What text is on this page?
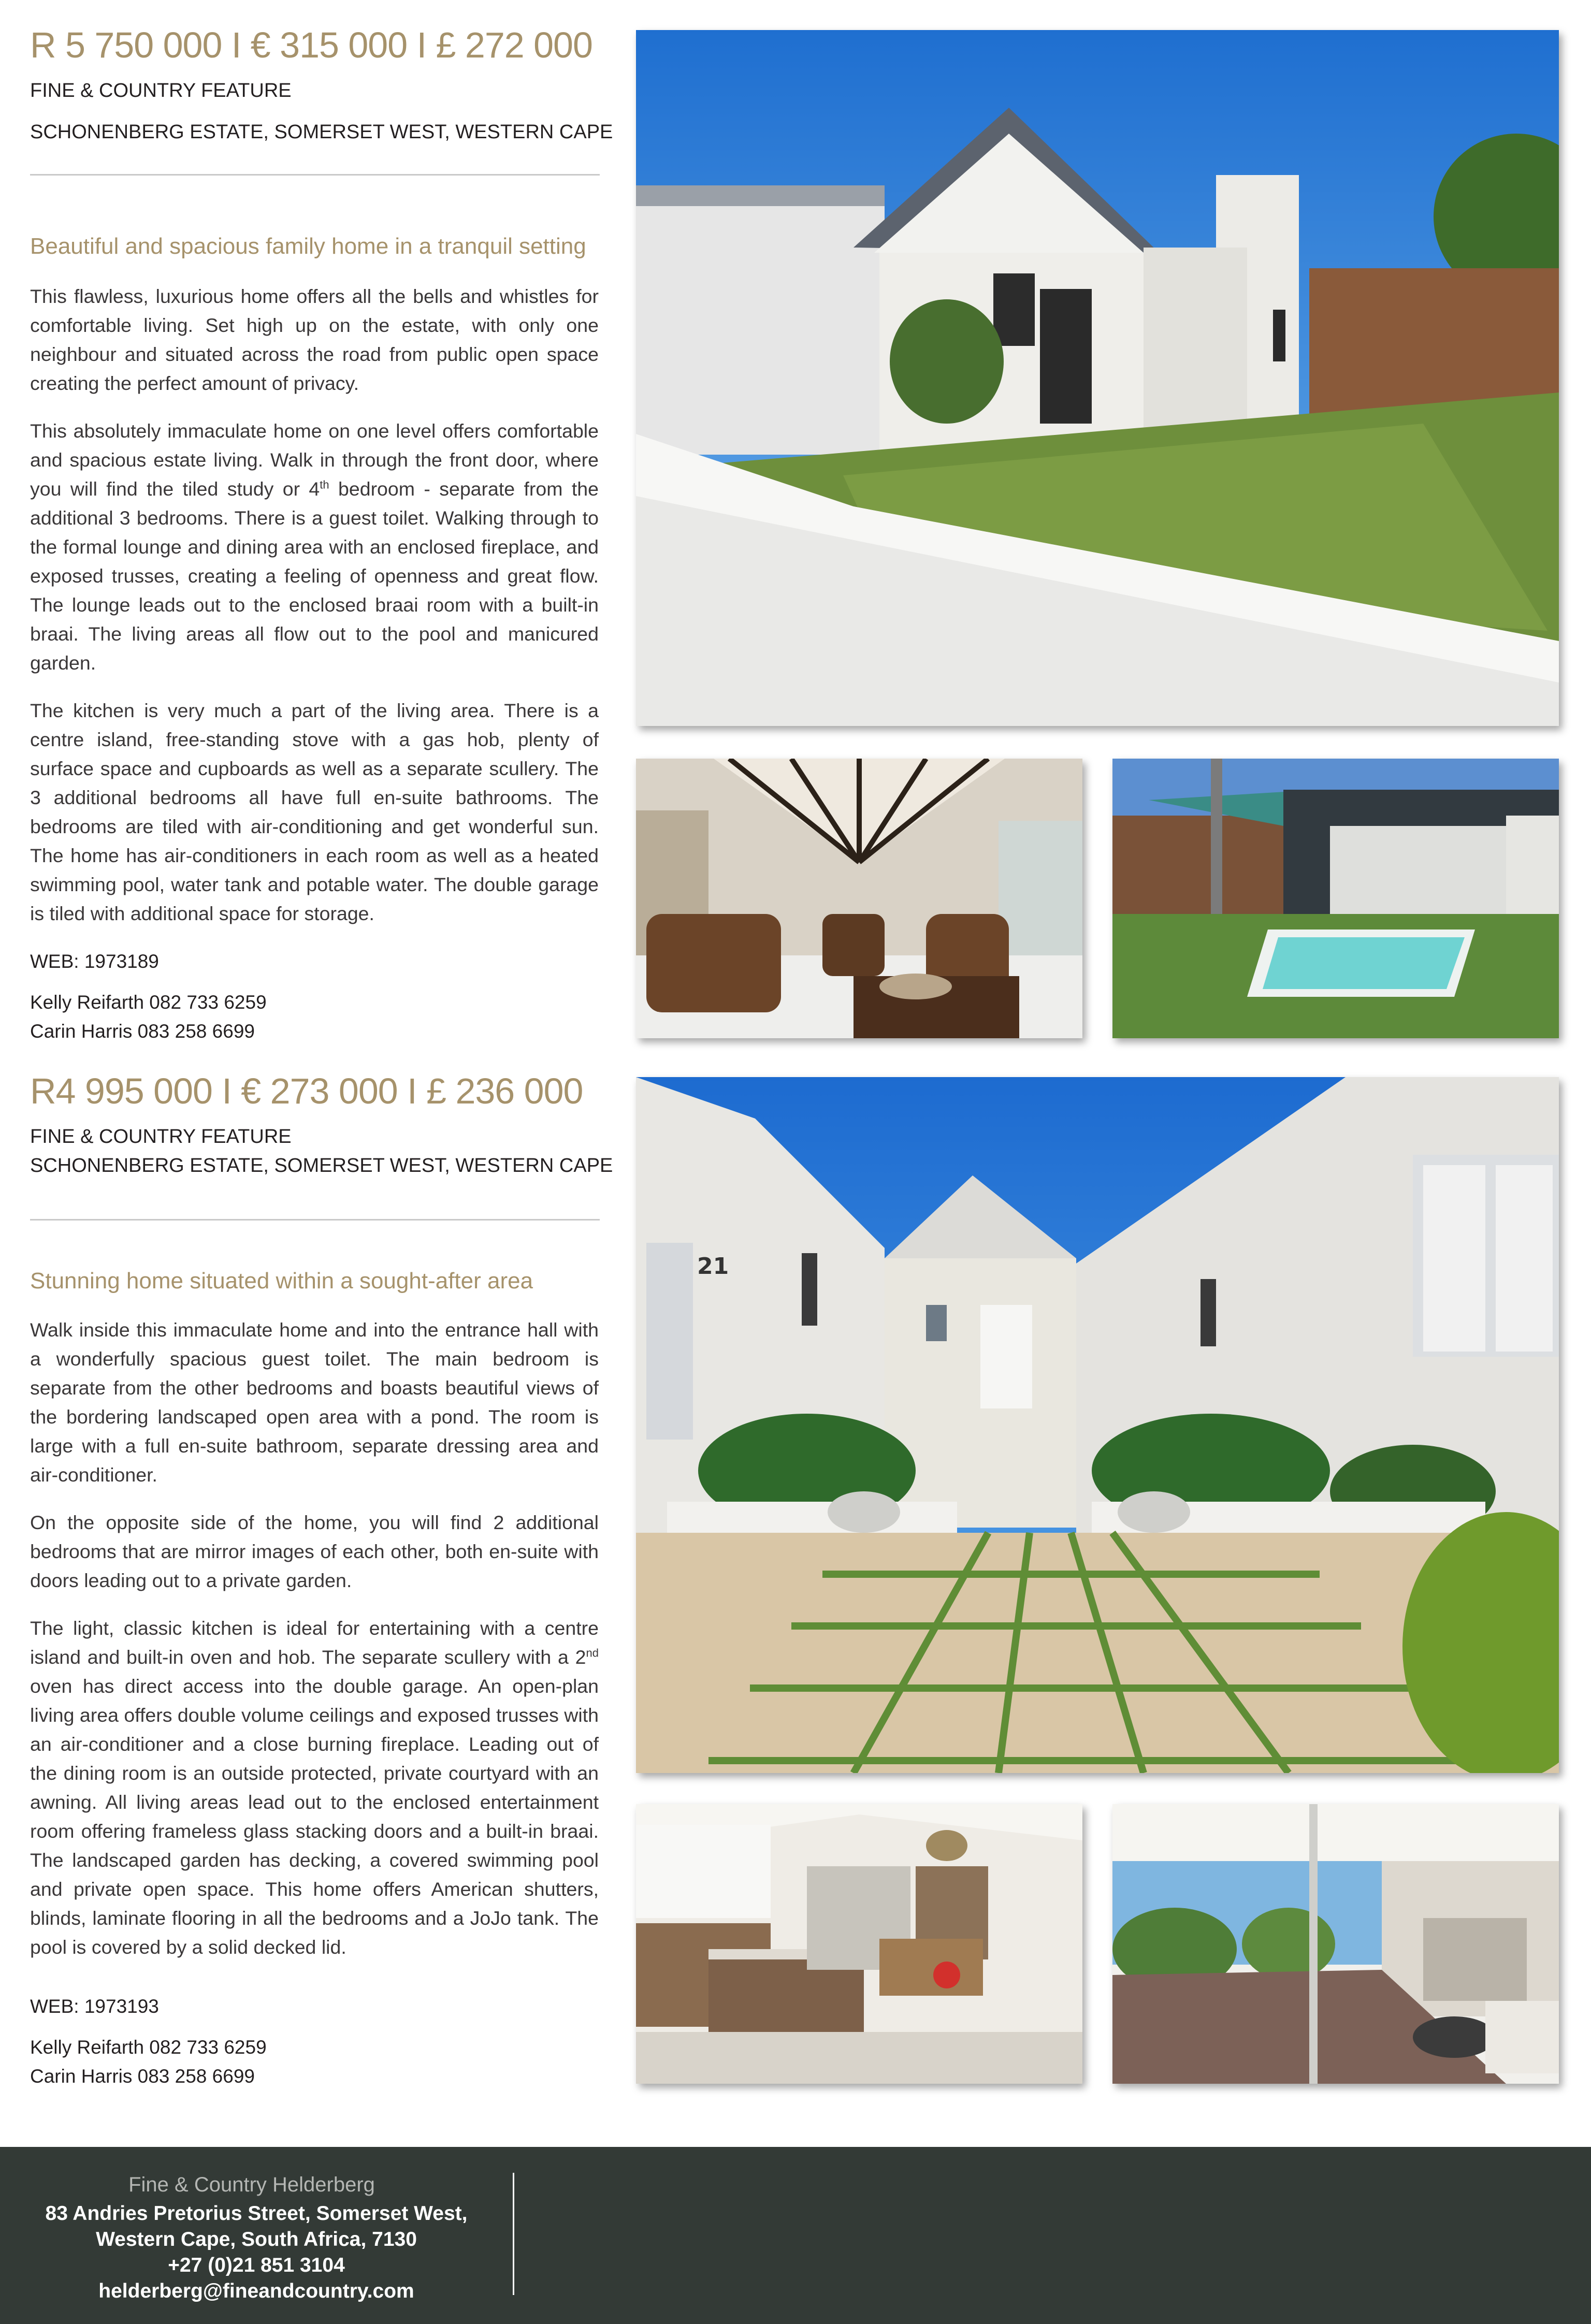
R 5 750 000 I € 315 000 I £ 272 000
FINE & COUNTRY FEATURE
SCHONENBERG ESTATE, SOMERSET WEST, WESTERN CAPE
Beautiful and spacious family home in a tranquil setting

This flawless, luxurious home offers all the bells and whistles for comfortable living. Set high up on the estate, with only one neighbour and situated across the road from public open space creating the perfect amount of privacy.

This absolutely immaculate home on one level offers comfortable and spacious estate living. Walk in through the front door, where you will find the tiled study or 4th bedroom - separate from the additional 3 bedrooms. There is a guest toilet. Walking through to the formal lounge and dining area with an enclosed fireplace, and exposed trusses, creating a feeling of openness and great flow. The lounge leads out to the enclosed braai room with a built-in braai. The living areas all flow out to the pool and manicured garden.

The kitchen is very much a part of the living area. There is a centre island, free-standing stove with a gas hob, plenty of surface space and cupboards as well as a separate scullery. The 3 additional bedrooms all have full en-suite bathrooms. The bedrooms are tiled with air-conditioning and get wonderful sun. The home has air-conditioners in each room as well as a heated swimming pool, water tank and potable water. The double garage is tiled with additional space for storage.

WEB: 1973189
Kelly Reifarth 082 733 6259
Carin Harris 083 258 6699
R4 995 000 I € 273 000 I £ 236 000
FINE & COUNTRY FEATURE
SCHONENBERG ESTATE, SOMERSET WEST, WESTERN CAPE
Stunning home situated within a sought-after area

Walk inside this immaculate home and into the entrance hall with a wonderfully spacious guest toilet. The main bedroom is separate from the other bedrooms and boasts beautiful views of the bordering landscaped open area with a pond. The room is large with a full en-suite bathroom, separate dressing area and air-conditioner.

On the opposite side of the home, you will find 2 additional bedrooms that are mirror images of each other, both en-suite with doors leading out to a private garden.

The light, classic kitchen is ideal for entertaining with a centre island and built-in oven and hob. The separate scullery with a 2nd oven has direct access into the double garage. An open-plan living area offers double volume ceilings and exposed trusses with an air-conditioner and a close burning fireplace. Leading out of the dining room is an outside protected, private courtyard with an awning. All living areas lead out to the enclosed entertainment room offering frameless glass stacking doors and a built-in braai. The landscaped garden has decking, a covered swimming pool and private open space. This home offers American shutters, blinds, laminate flooring in all the bedrooms and a JoJo tank. The pool is covered by a solid decked lid.

WEB: 1973193
Kelly Reifarth 082 733 6259
Carin Harris 083 258 6699
21
Fine & Country Helderberg
83 Andries Pretorius Street, Somerset West,
Western Cape, South Africa, 7130
+27 (0)21 851 3104
helderberg@fineandcountry.com
